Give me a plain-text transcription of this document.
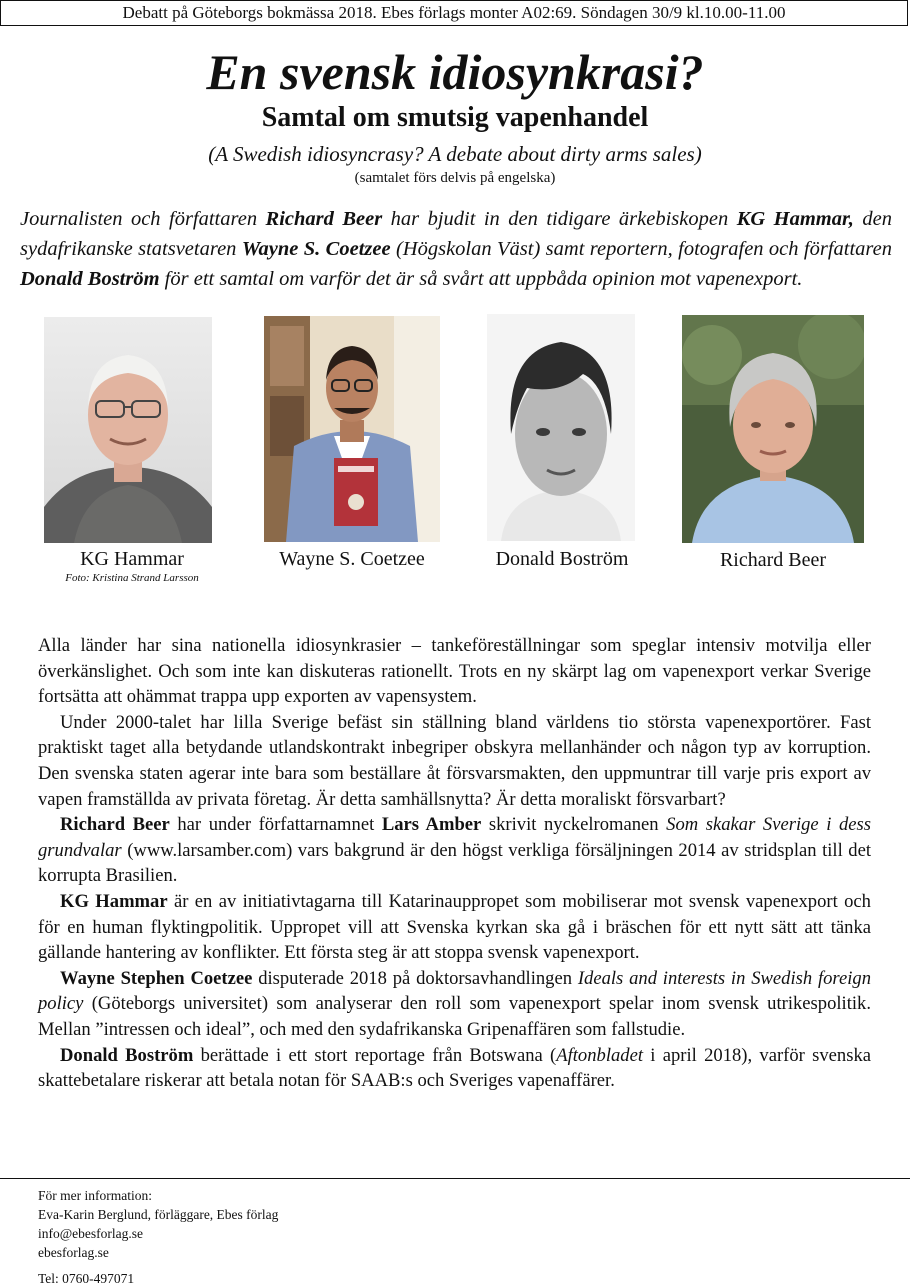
Debatt på Göteborgs bokmässa 2018. Ebes förlags monter A02:69. Söndagen 30/9 kl.10.00-11.00
En svensk idiosynkrasi?
Samtal om smutsig vapenhandel
(A Swedish idiosyncrasy? A debate about dirty arms sales)
(samtalet förs delvis på engelska)

Journalisten och författaren Richard Beer har bjudit in den tidigare ärkebiskopen KG Hammar, den sydafrikanske statsvetaren Wayne S. Coetzee (Högskolan Väst) samt reportern, fotografen och författaren Donald Boström för ett samtal om varför det är så svårt att uppbåda opinion mot vapenexport.

KG Hammar
Foto: Kristina Strand Larsson
Wayne S. Coetzee	Donald Boström	Richard Beer

Alla länder har sina nationella idiosynkrasier – tankeföreställningar som speglar intensiv motvilja eller överkänslighet. Och som inte kan diskuteras rationellt. Trots en ny skärpt lag om vapenexport verkar Sverige fortsätta att ohämmat trappa upp exporten av vapensystem.

Under 2000-talet har lilla Sverige befäst sin ställning bland världens tio största vapenexportörer. Fast praktiskt taget alla betydande utlandskontrakt inbegriper obskyra mellanhänder och någon typ av korruption. Den svenska staten agerar inte bara som beställare åt försvarsmakten, den uppmuntrar till varje pris export av vapen framställda av privata företag. Är detta samhällsnytta? Är detta moraliskt försvarbart?

Richard Beer har under författarnamnet Lars Amber skrivit nyckelromanen Som skakar Sverige i dess grundvalar (www.larsamber.com) vars bakgrund är den högst verkliga försäljningen 2014 av stridsplan till det korrupta Brasilien.

KG Hammar är en av initiativtagarna till Katarinauppropet som mobiliserar mot svensk vapenexport och för en human flyktingpolitik. Uppropet vill att Svenska kyrkan ska gå i bräschen för ett nytt sätt att tänka gällande hantering av konflikter. Ett första steg är att stoppa svensk vapenexport.

Wayne Stephen Coetzee disputerade 2018 på doktorsavhandlingen Ideals and interests in Swedish foreign policy (Göteborgs universitet) som analyserar den roll som vapenexport spelar inom svensk utrikespolitik. Mellan ”intressen och ideal”, och med den sydafrikanska Gripenaffären som fallstudie.

Donald Boström berättade i ett stort reportage från Botswana (Aftonbladet i april 2018), varför svenska skattebetalare riskerar att betala notan för SAAB:s och Sveriges vapenaffärer.

För mer information:
Eva-Karin Berglund, förläggare, Ebes förlag
info@ebesforlag.se
ebesforlag.se
Tel: 0760-497071
